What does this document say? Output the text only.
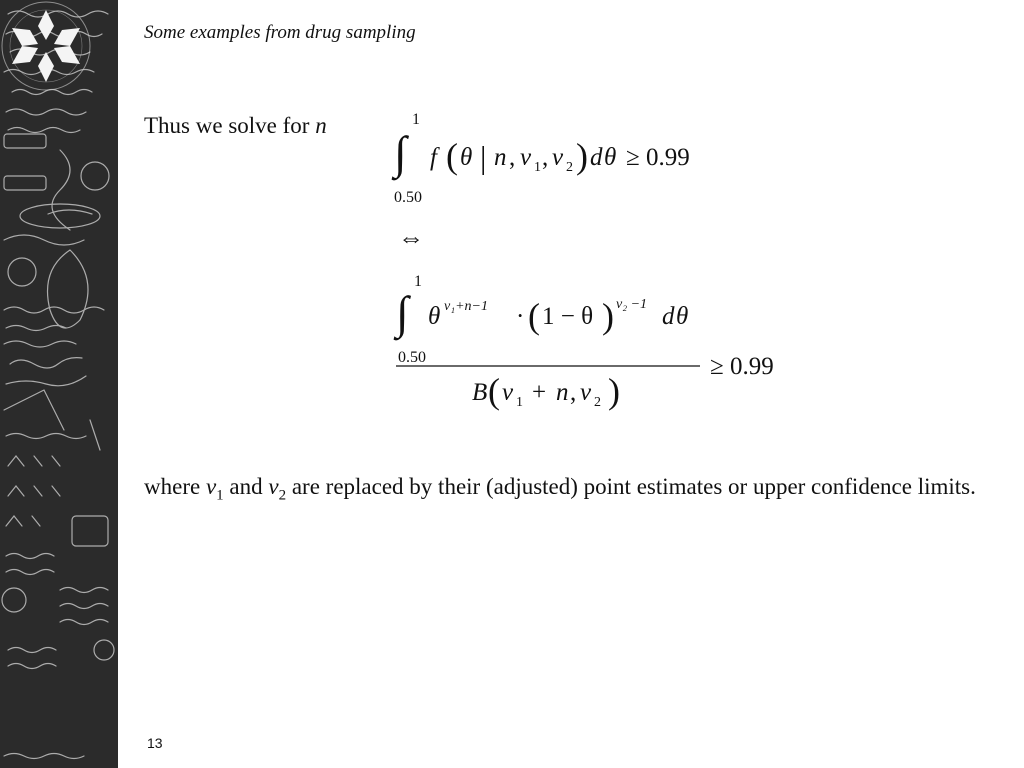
Some examples from drug sampling
Thus we solve for n	1
∫
0.50
f ( θ | n , ν 1 , ν 2 ) d θ ≥ 0.99
⇔
1
∫
0.50
θ ν₁+n−1 · ( 1 − θ ) ν₂ −1 d θ
B ( ν 1 + n , ν 2 )
≥ 0.99
where $\nu_1$ and $\nu_2$ are replaced by their (adjusted) point estimates or upper confidence limits.
13
